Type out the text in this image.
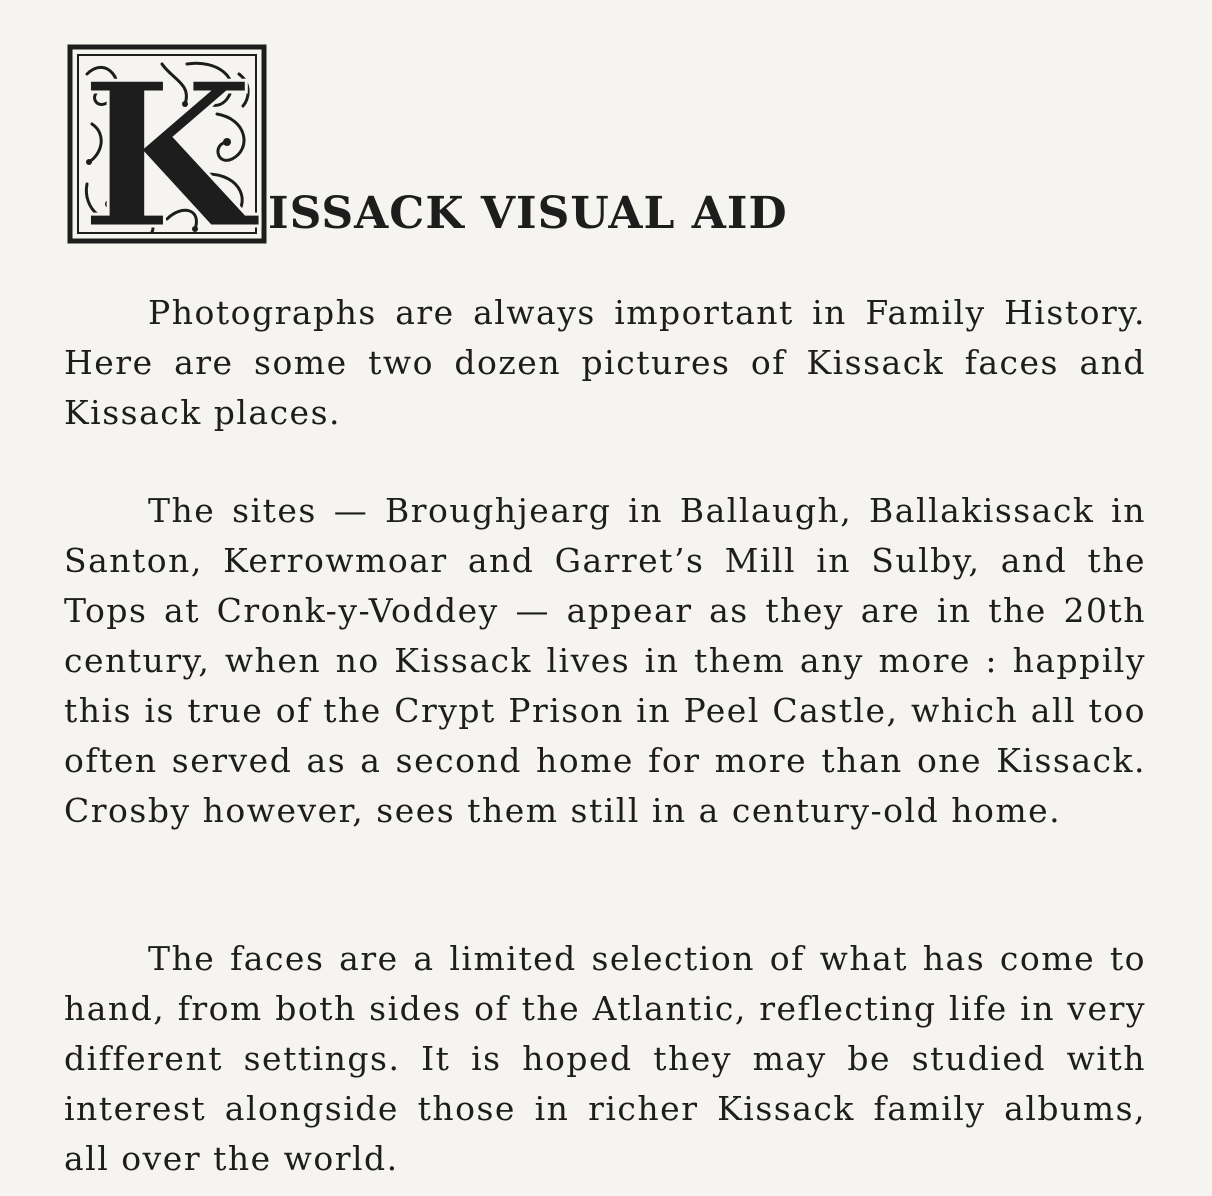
K ISSACK VISUAL AID

Photographs are always important in Family History. Here are some two dozen pictures of Kissack faces and Kissack places.

The sites — Broughjearg in Ballaugh, Ballakissack in Santon, Kerrowmoar and Garret’s Mill in Sulby, and the Tops at Cronk-y-Voddey — appear as they are in the 20th century, when no Kissack lives in them any more : happily this is true of the Crypt Prison in Peel Castle, which all too often served as a second home for more than one Kissack. Crosby however, sees them still in a century-old home.

The faces are a limited selection of what has come to hand, from both sides of the Atlantic, reflecting life in very different settings. It is hoped they may be studied with interest alongside those in richer Kissack family albums, all over the world.
